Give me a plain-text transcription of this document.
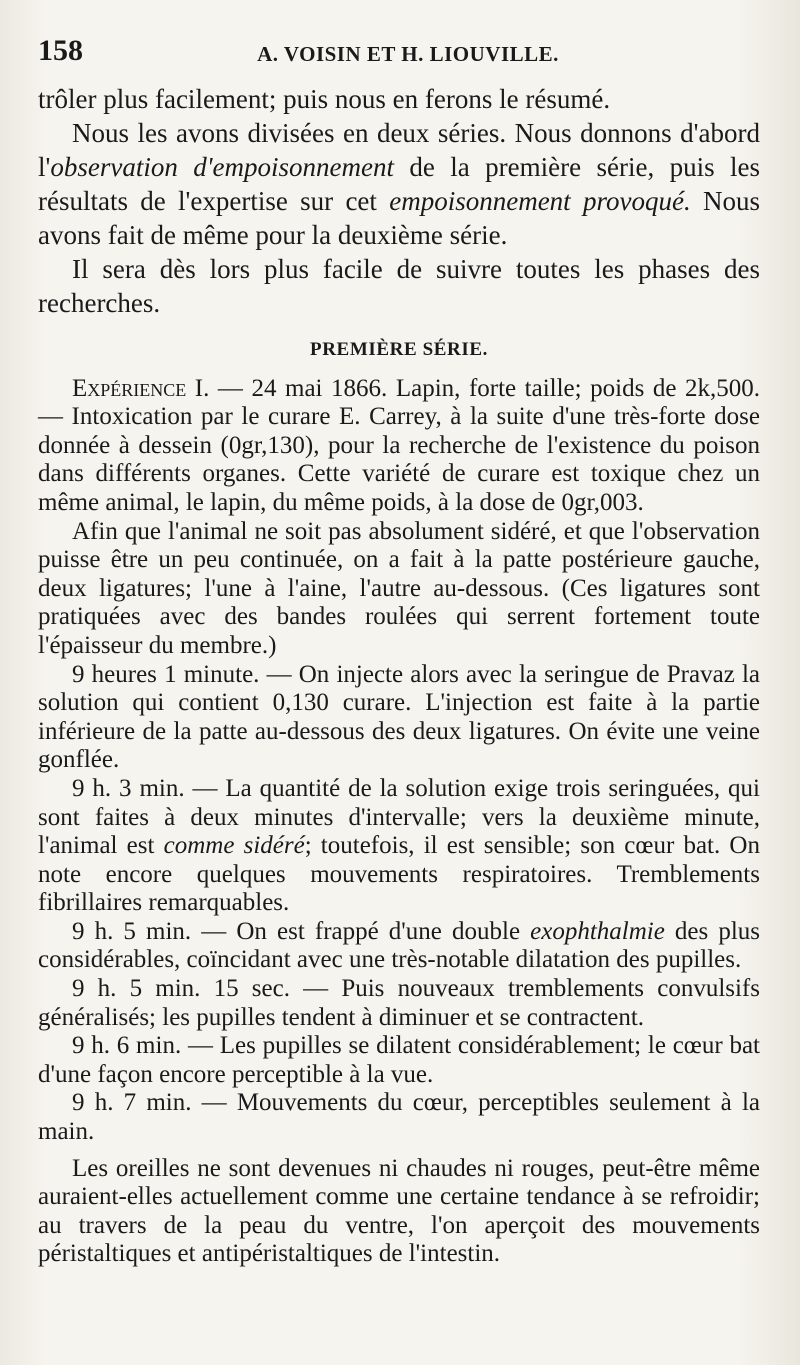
158	A. VOISIN ET H. LIOUVILLE.

trôler plus facilement; puis nous en ferons le résumé.

Nous les avons divisées en deux séries. Nous donnons d'abord l'observation d'empoisonnement de la première série, puis les résultats de l'expertise sur cet empoisonnement provoqué. Nous avons fait de même pour la deuxième série.

Il sera dès lors plus facile de suivre toutes les phases des recherches.

PREMIÈRE SÉRIE.

Expérience I. — 24 mai 1866. Lapin, forte taille; poids de 2k,500. — Intoxication par le curare E. Carrey, à la suite d'une très-forte dose donnée à dessein (0gr,130), pour la recherche de l'existence du poison dans différents organes. Cette variété de curare est toxique chez un même animal, le lapin, du même poids, à la dose de 0gr,003.

Afin que l'animal ne soit pas absolument sidéré, et que l'observation puisse être un peu continuée, on a fait à la patte postérieure gauche, deux ligatures; l'une à l'aine, l'autre au-dessous. (Ces ligatures sont pratiquées avec des bandes roulées qui serrent fortement toute l'épaisseur du membre.)

9 heures 1 minute. — On injecte alors avec la seringue de Pravaz la solution qui contient 0,130 curare. L'injection est faite à la partie inférieure de la patte au-dessous des deux ligatures. On évite une veine gonflée.

9 h. 3 min. — La quantité de la solution exige trois seringuées, qui sont faites à deux minutes d'intervalle; vers la deuxième minute, l'animal est comme sidéré; toutefois, il est sensible; son cœur bat. On note encore quelques mouvements respiratoires. Tremblements fibrillaires remarquables.

9 h. 5 min. — On est frappé d'une double exophthalmie des plus considérables, coïncidant avec une très-notable dilatation des pupilles.

9 h. 5 min. 15 sec. — Puis nouveaux tremblements convulsifs généralisés; les pupilles tendent à diminuer et se contractent.

9 h. 6 min. — Les pupilles se dilatent considérablement; le cœur bat d'une façon encore perceptible à la vue.

9 h. 7 min. — Mouvements du cœur, perceptibles seulement à la main.

Les oreilles ne sont devenues ni chaudes ni rouges, peut-être même auraient-elles actuellement comme une certaine tendance à se refroidir; au travers de la peau du ventre, l'on aperçoit des mouvements péristaltiques et antipéristaltiques de l'intestin.
